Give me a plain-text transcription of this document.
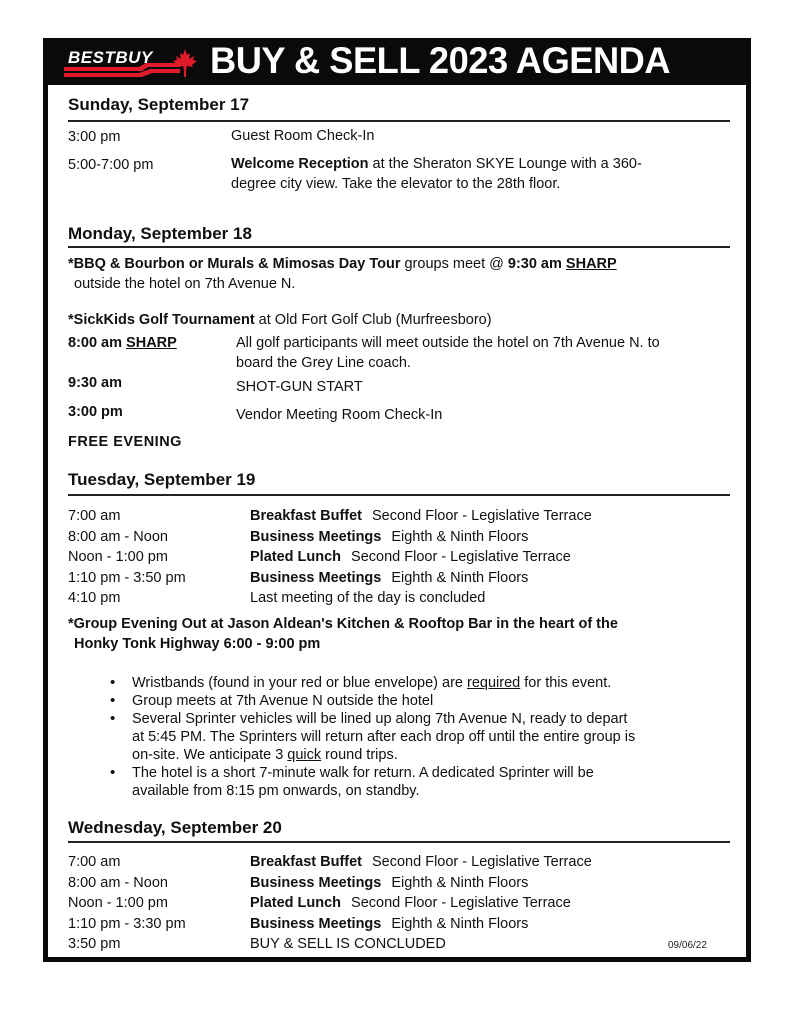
BESTBUY BUY & SELL 2023 AGENDA
Sunday, September 17
3:00 pm	Guest Room Check-In
5:00-7:00 pm	Welcome Reception at the Sheraton SKYE Lounge with a 360-
degree city view. Take the elevator to the 28th floor.
Monday, September 18
*BBQ & Bourbon or Murals & Mimosas Day Tour groups meet @ 9:30 am SHARP
outside the hotel on 7th Avenue N.
*SickKids Golf Tournament at Old Fort Golf Club (Murfreesboro)
8:00 am SHARP	All golf participants will meet outside the hotel on 7th Avenue N. to
board the Grey Line coach.
9:30 am	SHOT-GUN START
3:00 pm	Vendor Meeting Room Check-In
FREE EVENING
Tuesday, September 19
7:00 am	Breakfast Buffet Second Floor - Legislative Terrace
8:00 am - Noon	Business Meetings Eighth & Ninth Floors
Noon - 1:00 pm	Plated Lunch Second Floor - Legislative Terrace
1:10 pm - 3:50 pm	Business Meetings Eighth & Ninth Floors
4:10 pm	Last meeting of the day is concluded
*Group Evening Out at Jason Aldean's Kitchen & Rooftop Bar in the heart of the
Honky Tonk Highway 6:00 - 9:00 pm
• Wristbands (found in your red or blue envelope) are required for this event.
• Group meets at 7th Avenue N outside the hotel
• Several Sprinter vehicles will be lined up along 7th Avenue N, ready to depart
at 5:45 PM. The Sprinters will return after each drop off until the entire group is
on-site. We anticipate 3 quick round trips.
• The hotel is a short 7-minute walk for return. A dedicated Sprinter will be
available from 8:15 pm onwards, on standby.
Wednesday, September 20
7:00 am	Breakfast Buffet Second Floor - Legislative Terrace
8:00 am - Noon	Business Meetings Eighth & Ninth Floors
Noon - 1:00 pm	Plated Lunch Second Floor - Legislative Terrace
1:10 pm - 3:30 pm	Business Meetings Eighth & Ninth Floors
3:50 pm	BUY & SELL IS CONCLUDED	09/06/22
